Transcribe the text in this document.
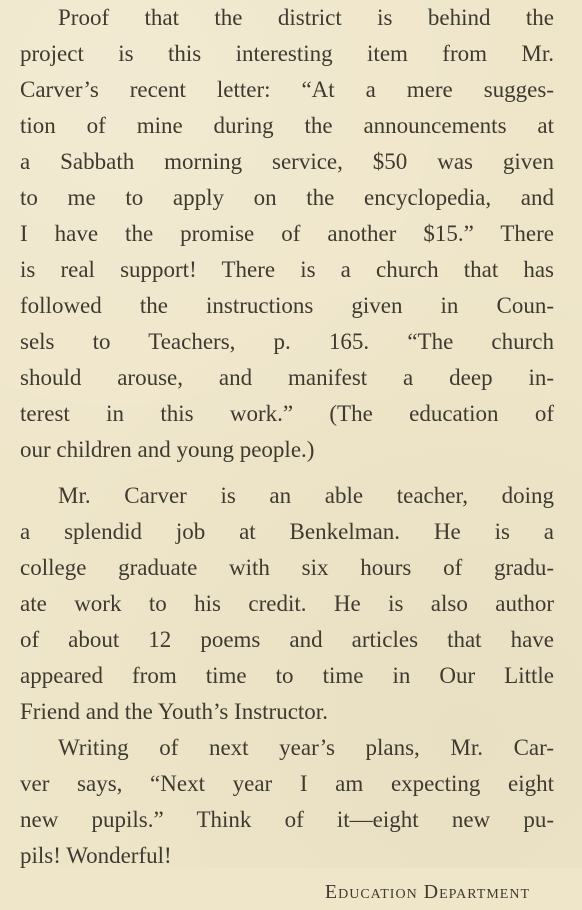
Proof that the district is behind the
project is this interesting item from Mr.
Carver’s recent letter: “At a mere sugges-
tion of mine during the announcements at
a Sabbath morning service, $50 was given
to me to apply on the encyclopedia, and
I have the promise of another $15.” There
is real support! There is a church that has
followed the instructions given in Coun-
sels to Teachers, p. 165. “The church
should arouse, and manifest a deep in-
terest in this work.” (The education of
our children and young people.)
Mr. Carver is an able teacher, doing
a splendid job at Benkelman. He is a
college graduate with six hours of gradu-
ate work to his credit. He is also author
of about 12 poems and articles that have
appeared from time to time in Our Little
Friend and the Youth’s Instructor.
Writing of next year’s plans, Mr. Car-
ver says, “Next year I am expecting eight
new pupils.” Think of it—eight new pu-
pils! Wonderful!
Education Department
